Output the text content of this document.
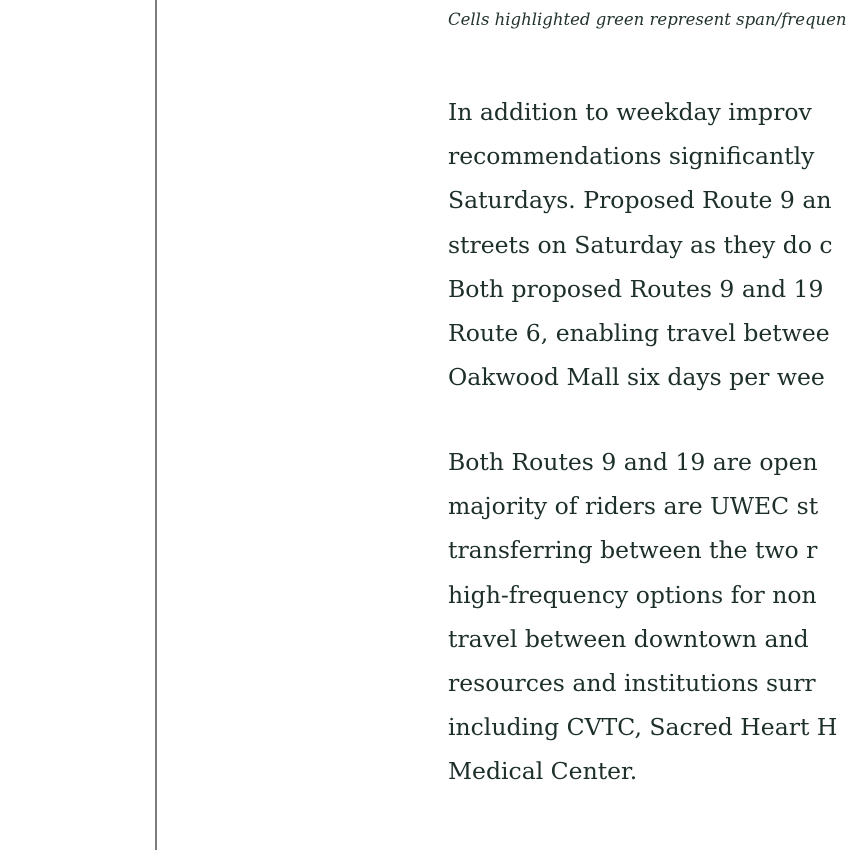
Cells highlighted green represent span/frequen
In addition to weekday improv
recommendations significantly
Saturdays. Proposed Route 9 an
streets on Saturday as they do c
Both proposed Routes 9 and 19
Route 6, enabling travel betwee
Oakwood Mall six days per wee
Both Routes 9 and 19 are open
majority of riders are UWEC st
transferring between the two r
high-frequency options for non
travel between downtown and
resources and institutions surr
including CVTC, Sacred Heart H
Medical Center.
